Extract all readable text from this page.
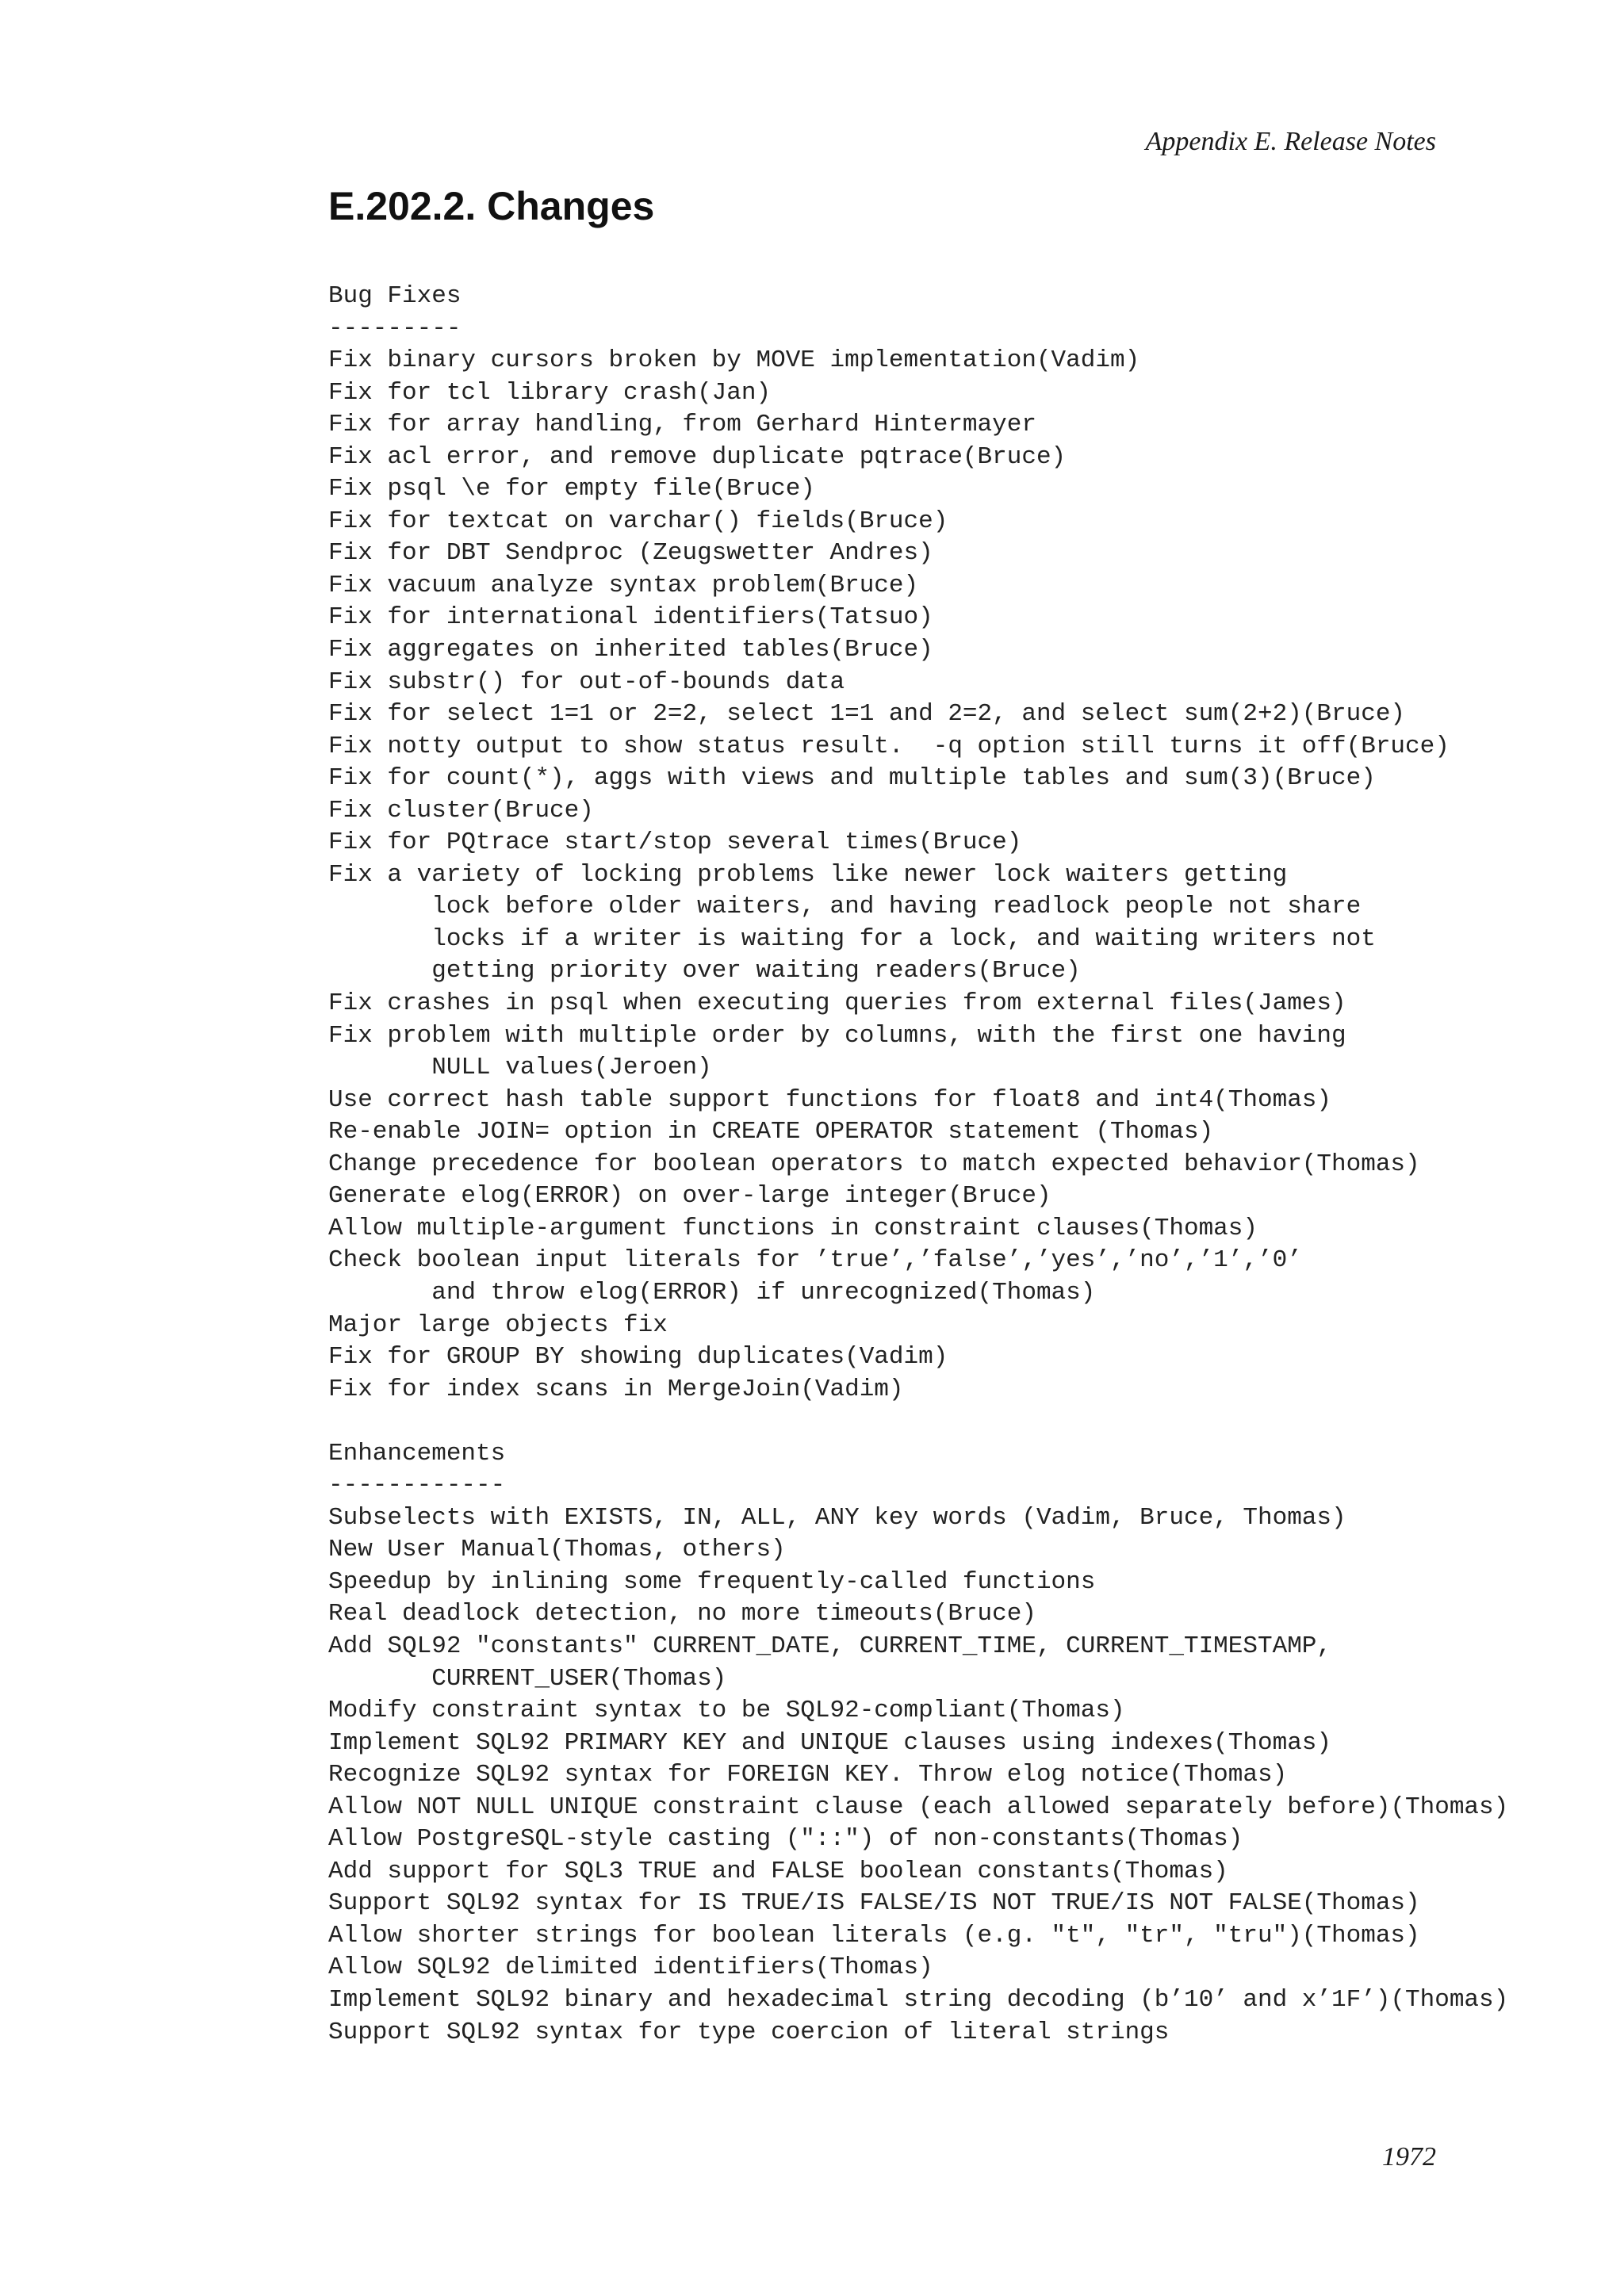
Appendix E. Release Notes
E.202.2. Changes
Bug Fixes
---------
Fix binary cursors broken by MOVE implementation(Vadim)
Fix for tcl library crash(Jan)
Fix for array handling, from Gerhard Hintermayer
Fix acl error, and remove duplicate pqtrace(Bruce)
Fix psql \e for empty file(Bruce)
Fix for textcat on varchar() fields(Bruce)
Fix for DBT Sendproc (Zeugswetter Andres)
Fix vacuum analyze syntax problem(Bruce)
Fix for international identifiers(Tatsuo)
Fix aggregates on inherited tables(Bruce)
Fix substr() for out-of-bounds data
Fix for select 1=1 or 2=2, select 1=1 and 2=2, and select sum(2+2)(Bruce)
Fix notty output to show status result.  -q option still turns it off(Bruce)
Fix for count(*), aggs with views and multiple tables and sum(3)(Bruce)
Fix cluster(Bruce)
Fix for PQtrace start/stop several times(Bruce)
Fix a variety of locking problems like newer lock waiters getting
lock before older waiters, and having readlock people not share
locks if a writer is waiting for a lock, and waiting writers not
getting priority over waiting readers(Bruce)
Fix crashes in psql when executing queries from external files(James)
Fix problem with multiple order by columns, with the first one having
NULL values(Jeroen)
Use correct hash table support functions for float8 and int4(Thomas)
Re-enable JOIN= option in CREATE OPERATOR statement (Thomas)
Change precedence for boolean operators to match expected behavior(Thomas)
Generate elog(ERROR) on over-large integer(Bruce)
Allow multiple-argument functions in constraint clauses(Thomas)
Check boolean input literals for ’true’,’false’,’yes’,’no’,’1’,’0’
and throw elog(ERROR) if unrecognized(Thomas)
Major large objects fix
Fix for GROUP BY showing duplicates(Vadim)
Fix for index scans in MergeJoin(Vadim)

Enhancements
------------
Subselects with EXISTS, IN, ALL, ANY key words (Vadim, Bruce, Thomas)
New User Manual(Thomas, others)
Speedup by inlining some frequently-called functions
Real deadlock detection, no more timeouts(Bruce)
Add SQL92 "constants" CURRENT_DATE, CURRENT_TIME, CURRENT_TIMESTAMP,
CURRENT_USER(Thomas)
Modify constraint syntax to be SQL92-compliant(Thomas)
Implement SQL92 PRIMARY KEY and UNIQUE clauses using indexes(Thomas)
Recognize SQL92 syntax for FOREIGN KEY. Throw elog notice(Thomas)
Allow NOT NULL UNIQUE constraint clause (each allowed separately before)(Thomas)
Allow PostgreSQL-style casting ("::") of non-constants(Thomas)
Add support for SQL3 TRUE and FALSE boolean constants(Thomas)
Support SQL92 syntax for IS TRUE/IS FALSE/IS NOT TRUE/IS NOT FALSE(Thomas)
Allow shorter strings for boolean literals (e.g. "t", "tr", "tru")(Thomas)
Allow SQL92 delimited identifiers(Thomas)
Implement SQL92 binary and hexadecimal string decoding (b’10’ and x’1F’)(Thomas)
Support SQL92 syntax for type coercion of literal strings
1972
